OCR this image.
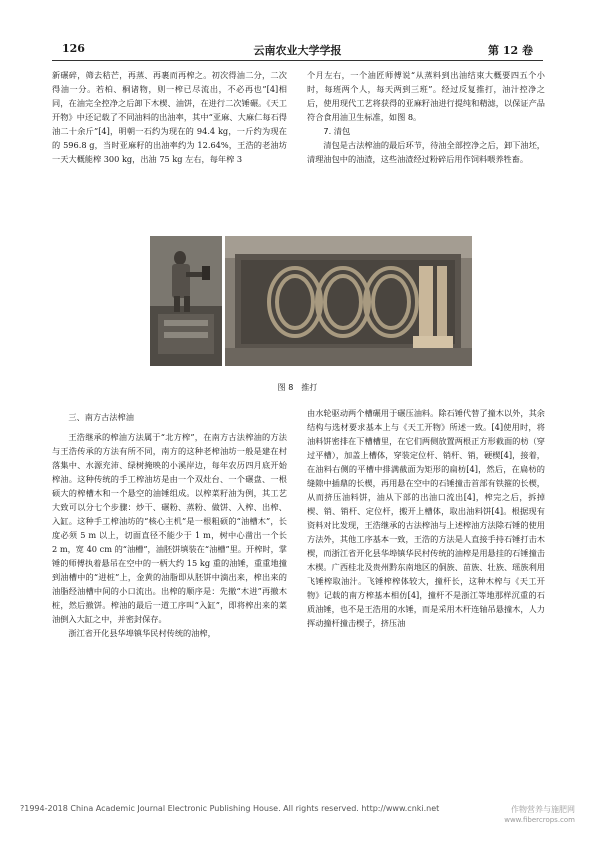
126	云南农业大学学报	第 12 卷

新碾碎，筛去秸芒，再蒸、再裹而再榨之。初次得油二分，二次得油一分。若柏、桐诸物，则一榨已尽流出，不必再也”[4]相同，在油完全控净之后卸下木楔、油饼，在进行二次锤碾。《天工开物》中还记载了不同油料的出油率，其中“亚麻、大麻仁每石得油二十余斤”[4]，明朝一石约为现在的 94.4 kg，一斤约为现在的 596.8 g，当时亚麻籽的出油率约为 12.64%，王浩的老油坊一天大概能榨 300 kg，出油 75 kg 左右，每年榨 3

个月左右，一个油匠师傅说“从蒸料到出油结束大概要四五个小时，每班两个人，每天两到三班”。经过反复推打，油汁控净之后，使用现代工艺将获得的亚麻籽油进行提纯和精滤，以保证产品符合食用油卫生标准，如图 8。

7. 清包

清包是古法榨油的最后环节，待油全部控净之后，卸下油坯，清理油包中的油渣，这些油渣经过粉碎后用作饲料喂养牲畜。

图 8　推打

三、南方古法榨油

王浩继承的榨油方法属于“北方榨”，在南方古法榨油的方法与王浩传承的方法有所不同，南方的这种老榨油坊一般是建在村落集中、水源充沛、绿树掩映的小溪岸边，每年农历四月底开始榨油。这种传统的手工榨油坊是由一个双灶台、一个碾盘、一根硕大的榨槽木和一个悬空的油锤组成。以榨菜籽油为例，其工艺大致可以分七个步骤：炒干、碾粉、蒸粉、做饼、入榨、出榨、入缸。这种手工榨油坊的“核心主机”是一根粗硕的“油槽木”，长度必须 5 m 以上，切面直径不能少于 1 m，树中心凿出一个长 2 m，宽 40 cm 的“油槽”，油胚饼填装在“油槽”里。开榨时，掌锤的师傅执着悬吊在空中的一柄大约 15 kg 重的油锤，重重地撞到油槽中的“进桩”上，金黄的油脂即从胚饼中滴出来，榨出来的油脂经油槽中间的小口流出。出榨的顺序是：先撤“木进”再撤木桩，然后撤饼。榨油的最后一道工序叫“入缸”，即将榨出来的菜油倒入大缸之中，并密封保存。

浙江省开化县华埠镇华民村传统的油榨，

由水轮驱动两个槽碾用于碾压油料。除石锤代替了撞木以外，其余结构与选材要求基本上与《天工开物》所述一致。[4]使用时，将油料饼密排在下槽槽里，在它们两侧放置两根正方形截面的枋（穿过平槽），加盖上槽体，穿装定位杆、销杆、销，硬楔[4]，接着，在油料右侧的平槽中排满截面为矩形的扁枋[4]，然后，在扁枋的缝隙中插鼎的长楔，再用悬在空中的石锤撞击首部有铁箍的长楔，从而挤压油料饼，油从下部的出油口流出[4]，榨完之后，拆掉楔、销、销杆、定位杆，搬开上槽体，取出油料饼[4]。根据现有资料对比发现，王浩继承的古法榨油与上述榨油方法除石锤的使用方法外，其他工序基本一致，王浩的方法是人直接手持石锤打击木楔，而浙江省开化县华埠镇华民村传统的油榨是用悬挂的石锤撞击木楔。广西桂北及贵州黔东南地区的侗族、苗族、壮族、瑶族利用飞锤榨取油汁。飞锤榨榨体较大，撞杆长，这种木榨与《天工开物》记载的南方榨基本相仿[4]，撞杆不是浙江等地那样沉重的石质油锤，也不是王浩用的水锤，而是采用木杆连轴吊悬撞木，人力挥动撞杆撞击楔子，挤压油

?1994-2018 China Academic Journal Electronic Publishing House. All rights reserved. http://www.cnki.net	作物营养与施肥网
www.fibercrops.com
